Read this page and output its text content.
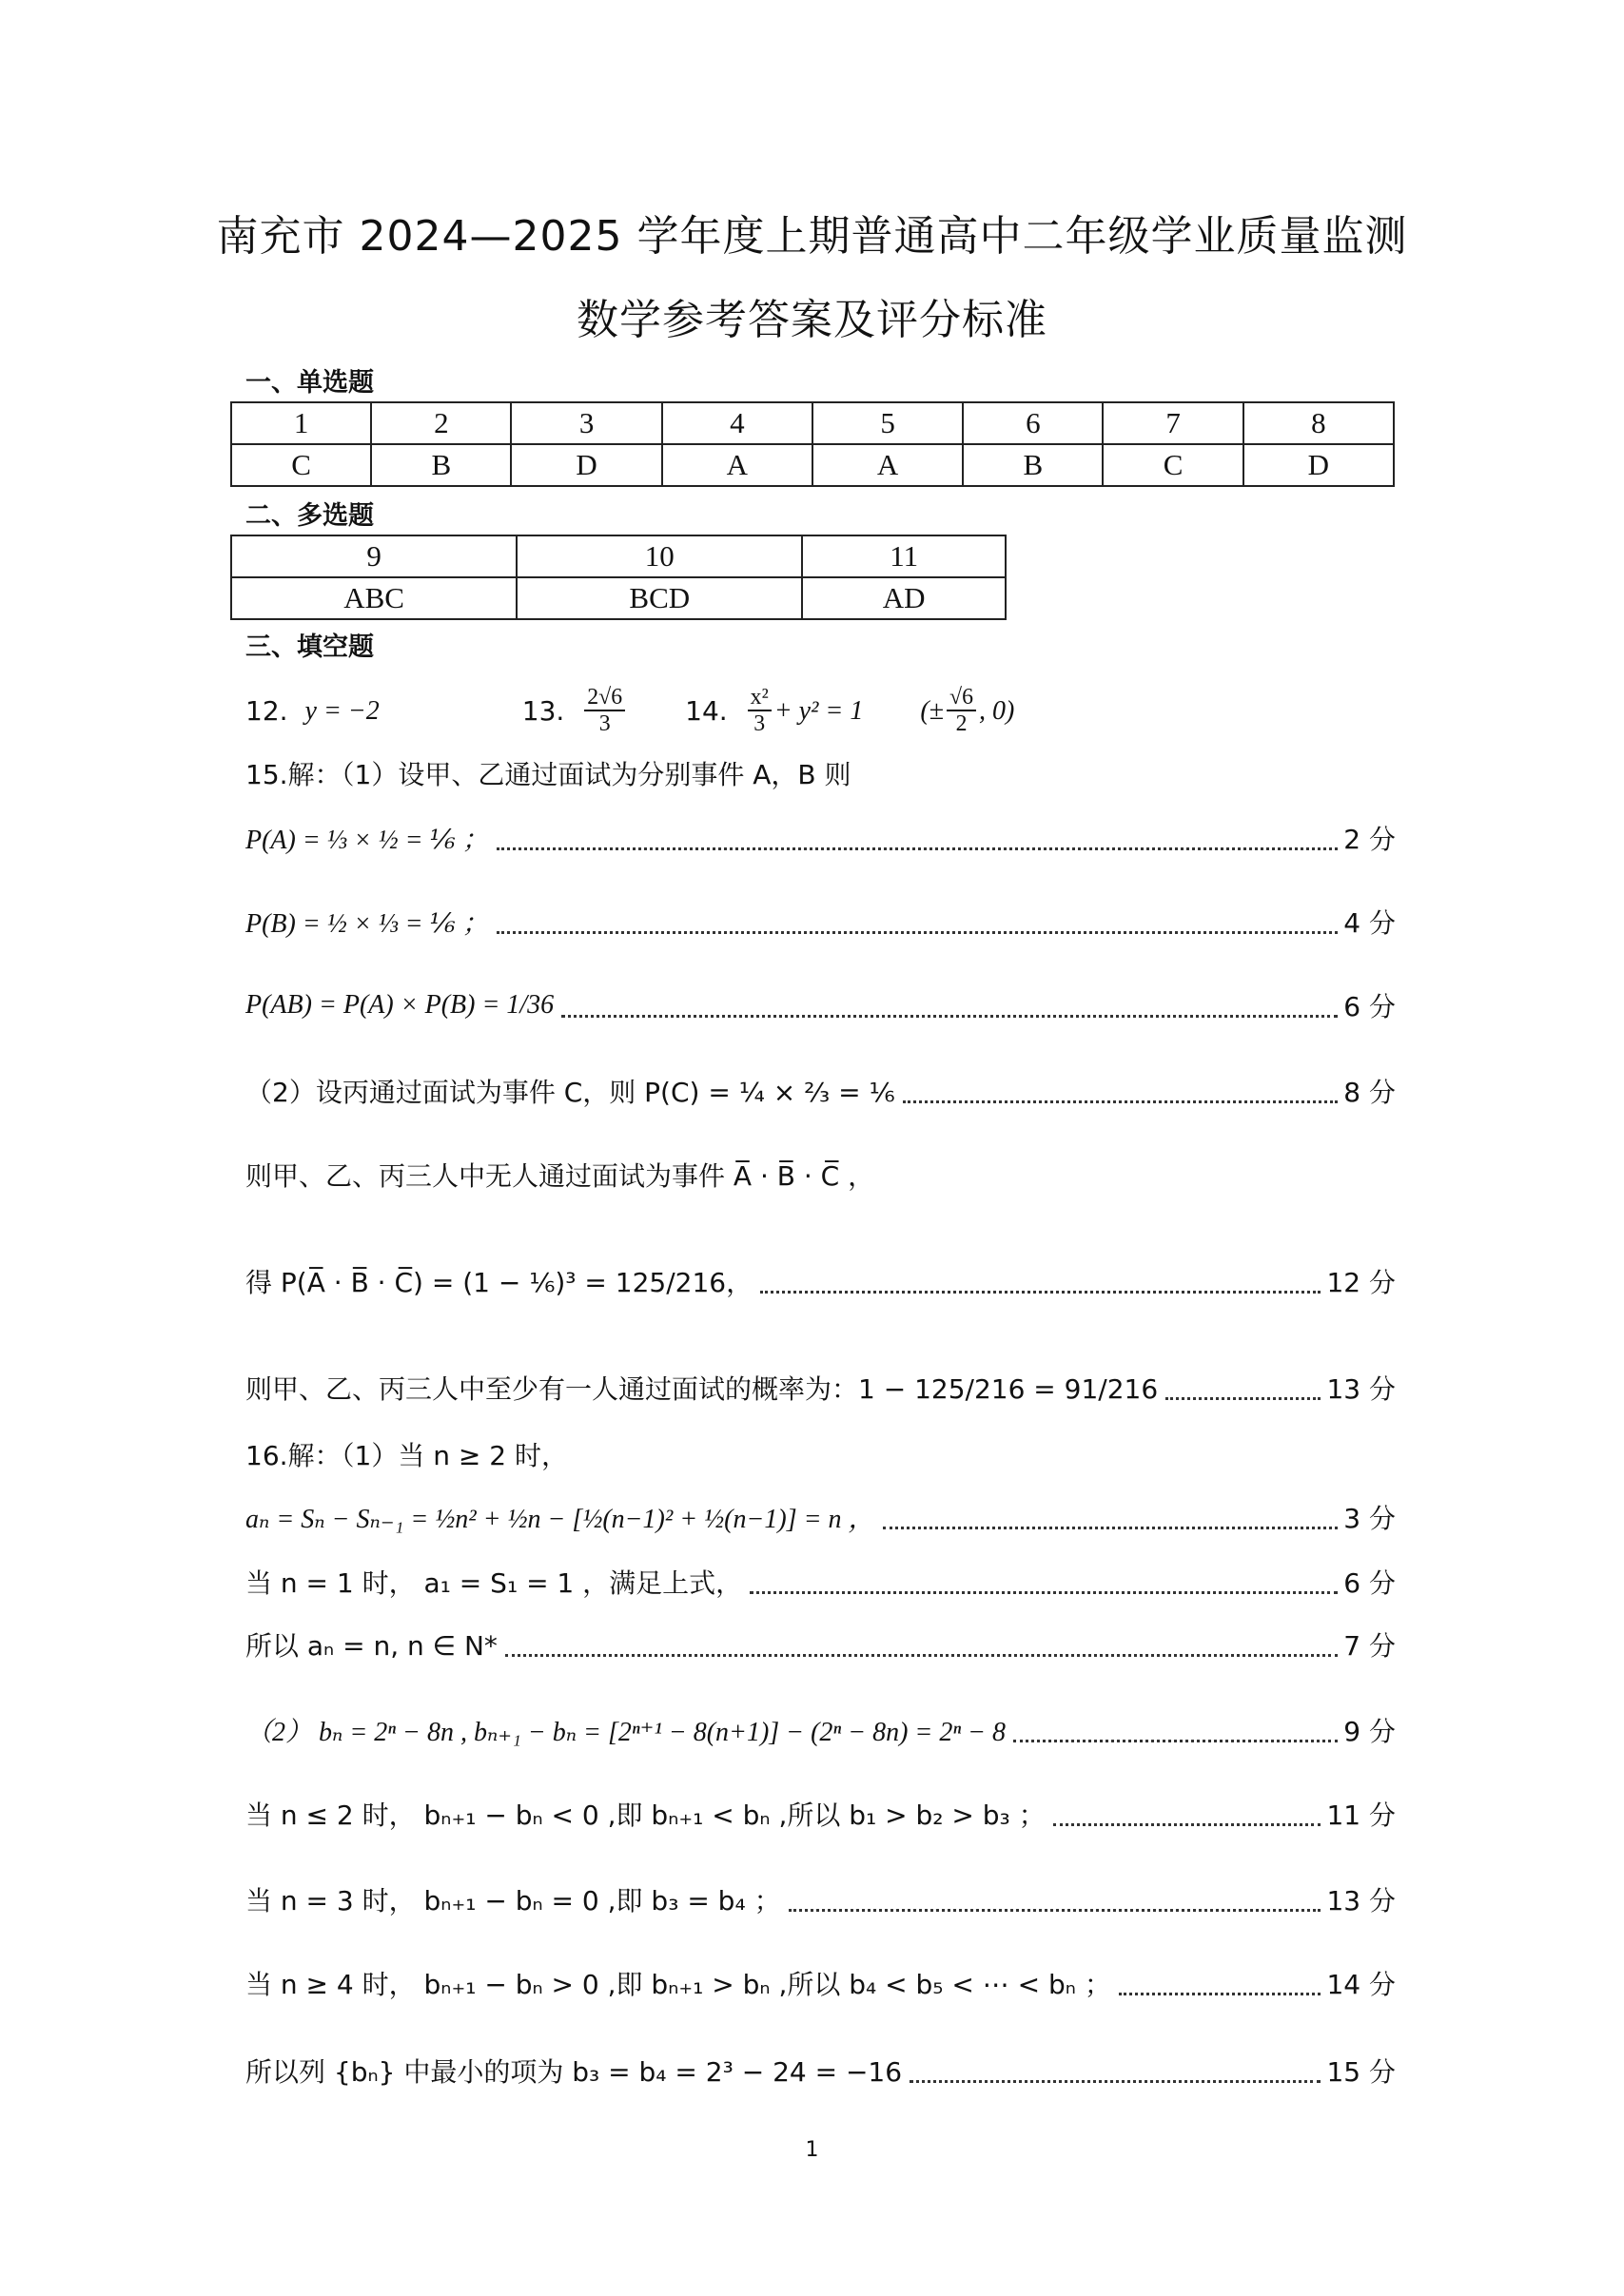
南充市 2024—2025 学年度上期普通高中二年级学业质量监测
数学参考答案及评分标准
一、单选题
1	2	3	4	5	6	7	8
C	B	D	A	A	B	C	D
二、多选题
9	10	11
ABC	BCD	AD
三、填空题
12. y = −2	13. $\frac{2√6}{3} 14$. $\frac{\text{x²}}{3} + y^2 = 1$ (± $\frac{√6}{2}$ , 0)
15.解：（1）设甲、乙通过面试为分别事件 A，B 则
P(A) = ⅓ × ½ = ⅙ ；	2 分
P(B) = ½ × ⅓ = ⅙ ；	4 分
P(AB) = P(A) × P(B) = 1/36	6 分
（2）设丙通过面试为事件 C，则 P(C) = ¼ × ⅔ = ⅙	8 分
则甲、乙、丙三人中无人通过面试为事件 A̅ · B̅ · C̅ ，
得 P(A̅ · B̅ · C̅) = (1 − ⅙)³ = 125/216，	12 分
则甲、乙、丙三人中至少有一人通过面试的概率为：1 − 125/216 = 91/216	13 分
16.解：（1）当 n ≥ 2 时，
aₙ = Sₙ − Sₙ₋₁ = ½n² + ½n − [½(n−1)² + ½(n−1)] = n ，	3 分
当 n = 1 时， a₁ = S₁ = 1 ，满足上式，	6 分
所以 aₙ = n, n ∈ N*	7 分
（2） bₙ = 2ⁿ − 8n , bₙ₊₁ − bₙ = [2ⁿ⁺¹ − 8(n+1)] − (2ⁿ − 8n) = 2ⁿ − 8	9 分
当 n ≤ 2 时， bₙ₊₁ − bₙ < 0 ,即 bₙ₊₁ < bₙ ,所以 b₁ > b₂ > b₃ ；	11 分
当 n = 3 时， bₙ₊₁ − bₙ = 0 ,即 b₃ = b₄ ；	13 分
当 n ≥ 4 时， bₙ₊₁ − bₙ > 0 ,即 bₙ₊₁ > bₙ ,所以 b₄ < b₅ < ⋯ < bₙ ；	14 分
所以列 {bₙ} 中最小的项为 b₃ = b₄ = 2³ − 24 = −16	15 分
1
